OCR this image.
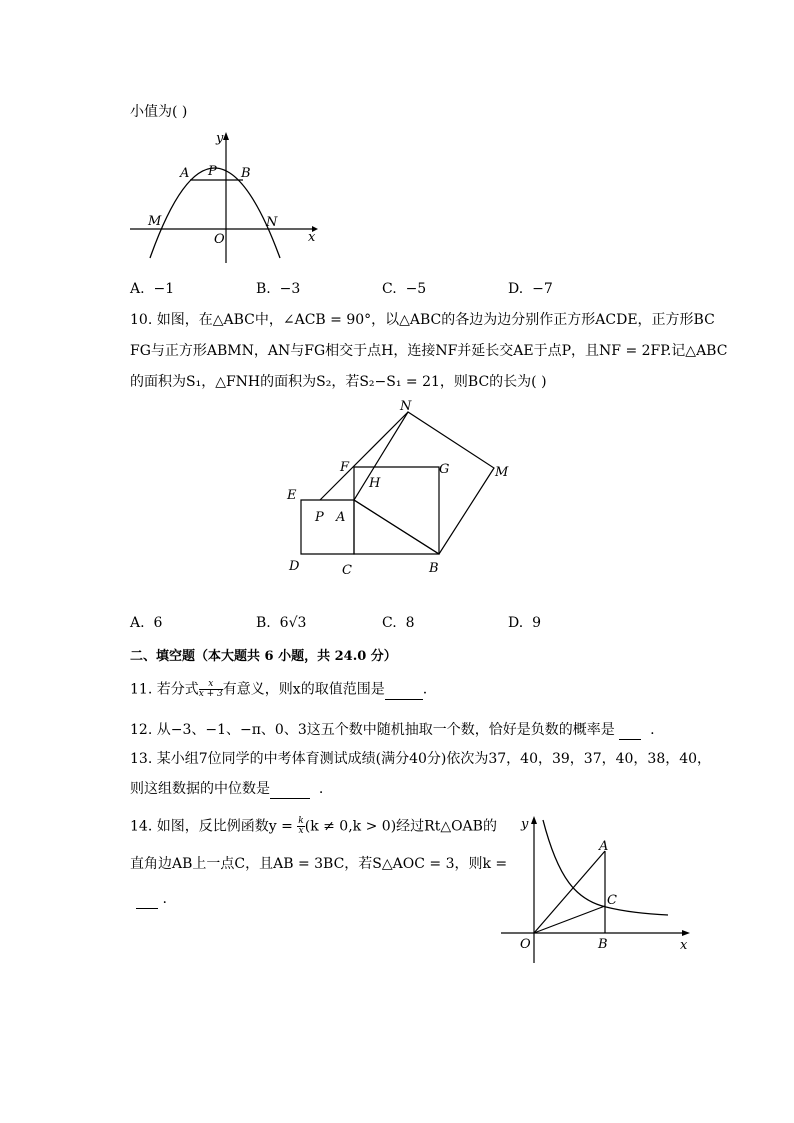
小值为( )
y
x
A P B
M	N
O
A. −1	B. −3	C. −5	D. −7
10. 如图，在△ABC中，∠ACB = 90°，以△ABC的各边为边分别作正方形ACDE，正方形BC
FG与正方形ABMN，AN与FG相交于点H，连接NF并延长交AE于点P，且NF = 2FP.记△ABC
的面积为S₁，△FNH的面积为S₂，若S₂−S₁ = 21，则BC的长为( )
N
F	G	M
H
E
P A
D	C	B
A. 6	B. 6√3	C. 8	D. 9
二、填空题（本大题共 6 小题，共 24.0 分）
11. 若分式 $\frac{x}{x + 3}$ 有意义，则x的取值范围是	.
12. 从−3、−1、−π、0、3这五个数中随机抽取一个数，恰好是负数的概率是	.
13. 某小组7位同学的中考体育测试成绩(满分40分)依次为37，40，39，37，40，38，40，
则这组数据的中位数是	.
14. 如图，反比例函数$y = \frac{k}{x} (k \ne 0,k > 0)$经过Rt△OAB的
直角边AB上一点C，且AB = 3BC，若S△AOC = 3，则k =
.
y
x
A
C
O	B
